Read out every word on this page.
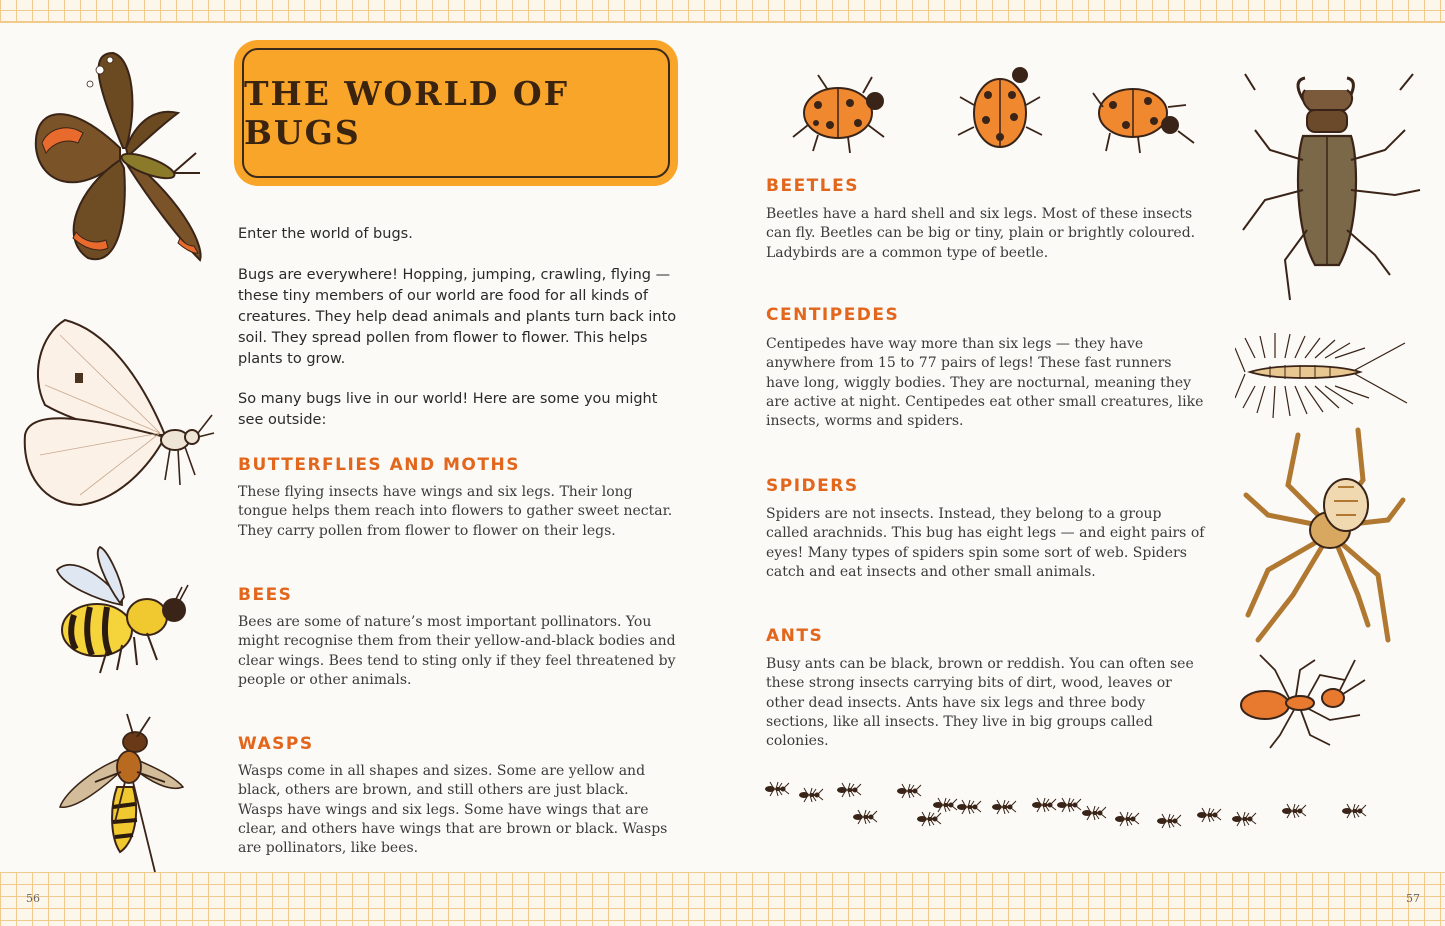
56	57
THE WORLD OF BUGS
Enter the world of bugs.
Bugs are everywhere! Hopping, jumping, crawling, flying — these tiny members of our world are food for all kinds of creatures. They help dead animals and plants turn back into soil. They spread pollen from flower to flower. This helps plants to grow.
So many bugs live in our world! Here are some you might see outside:
BUTTERFLIES AND MOTHS
These flying insects have wings and six legs. Their long tongue helps them reach into flowers to gather sweet nectar. They carry pollen from flower to flower on their legs.
BEES
Bees are some of nature’s most important pollinators. You might recognise them from their yellow-and-black bodies and clear wings. Bees tend to sting only if they feel threatened by people or other animals.
WASPS
Wasps come in all shapes and sizes. Some are yellow and black, others are brown, and still others are just black. Wasps have wings and six legs. Some have wings that are clear, and others have wings that are brown or black. Wasps are pollinators, like bees.
BEETLES
Beetles have a hard shell and six legs. Most of these insects can fly. Beetles can be big or tiny, plain or brightly coloured. Ladybirds are a common type of beetle.
CENTIPEDES
Centipedes have way more than six legs — they have anywhere from 15 to 77 pairs of legs! These fast runners have long, wiggly bodies. They are nocturnal, meaning they are active at night. Centipedes eat other small creatures, like insects, worms and spiders.
SPIDERS
Spiders are not insects. Instead, they belong to a group called arachnids. This bug has eight legs — and eight pairs of eyes! Many types of spiders spin some sort of web. Spiders catch and eat insects and other small animals.
ANTS
Busy ants can be black, brown or reddish. You can often see these strong insects carrying bits of dirt, wood, leaves or other dead insects. Ants have six legs and three body sections, like all insects. They live in big groups called colonies.
